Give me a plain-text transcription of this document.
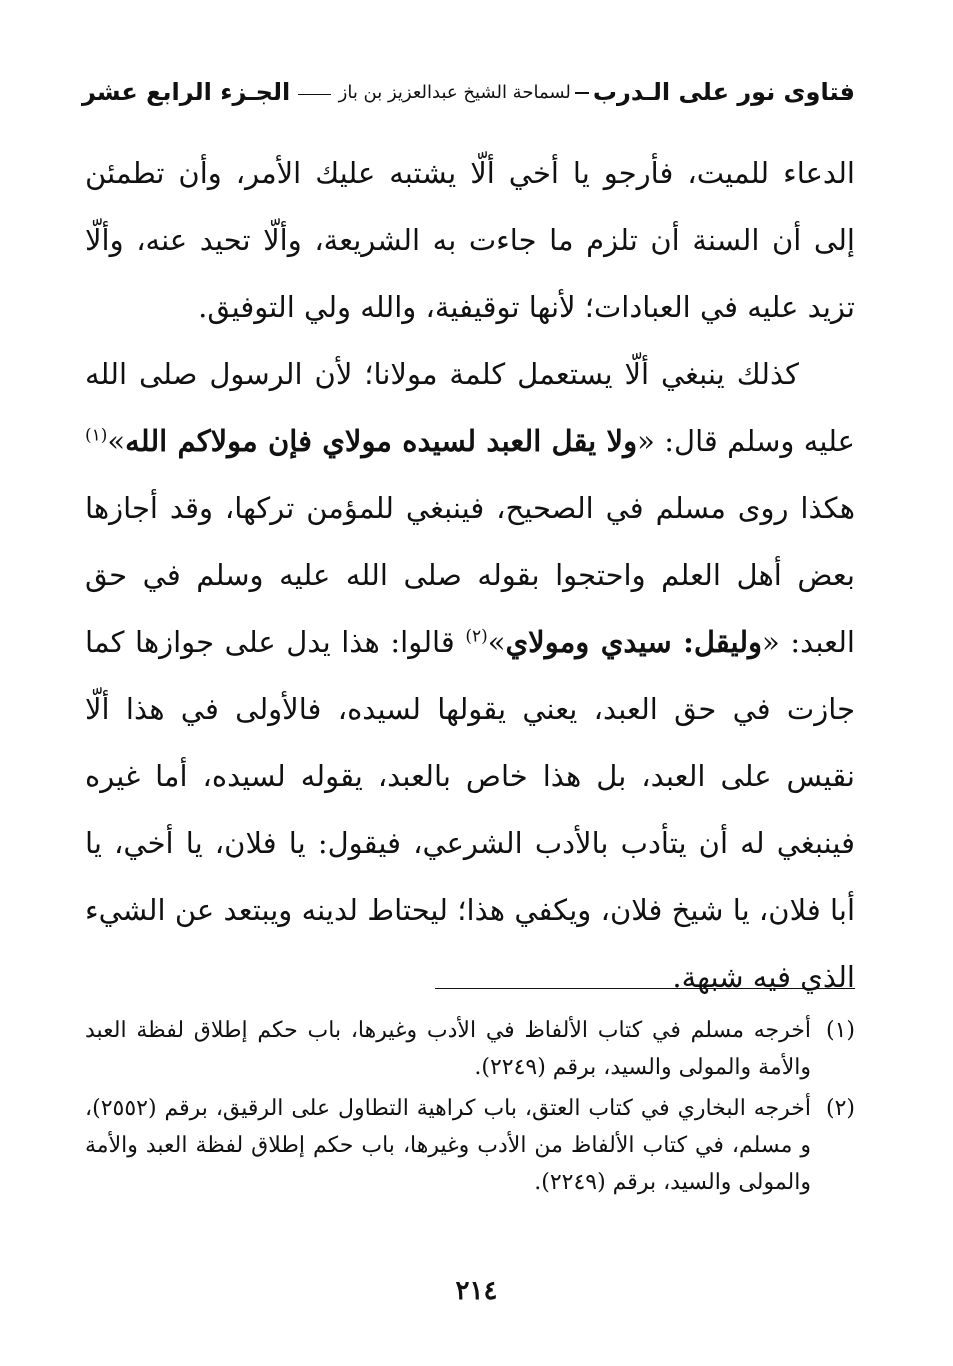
فتاوى نور على الـدرب
لسماحة الشيخ عبدالعزيز بن باز
الجـزء الرابع عشر

الدعاء للميت، فأرجو يا أخي ألّا يشتبه عليك الأمر، وأن تطمئن إلى أن السنة أن تلزم ما جاءت به الشريعة، وألّا تحيد عنه، وألّا تزيد عليه في العبادات؛ لأنها توقيفية، والله ولي التوفيق.

كذلك ينبغي ألّا يستعمل كلمة مولانا؛ لأن الرسول صلى الله عليه وسلم قال: «ولا يقل العبد لسيده مولاي فإن مولاكم الله»$^{(١)}$ هكذا روى مسلم في الصحيح، فينبغي للمؤمن تركها، وقد أجازها بعض أهل العلم واحتجوا بقوله صلى الله عليه وسلم في حق العبد: «وليقل: سيدي ومولاي»$^{(٢)}$ قالوا: هذا يدل على جوازها كما جازت في حق العبد، يعني يقولها لسيده، فالأولى في هذا ألّا نقيس على العبد، بل هذا خاص بالعبد، يقوله لسيده، أما غيره فينبغي له أن يتأدب بالأدب الشرعي، فيقول: يا فلان، يا أخي، يا أبا فلان، يا شيخ فلان، ويكفي هذا؛ ليحتاط لدينه ويبتعد عن الشيء الذي فيه شبهة.

(١)
أخرجه مسلم في كتاب الألفاظ في الأدب وغيرها، باب حكم إطلاق لفظة العبد والأمة والمولى والسيد، برقم (٢٢٤٩).
(٢)
أخرجه البخاري في كتاب العتق، باب كراهية التطاول على الرقيق، برقم (٢٥٥٢)، و مسلم، في كتاب الألفاظ من الأدب وغيرها، باب حكم إطلاق لفظة العبد والأمة والمولى والسيد، برقم (٢٢٤٩).
٢١٤
